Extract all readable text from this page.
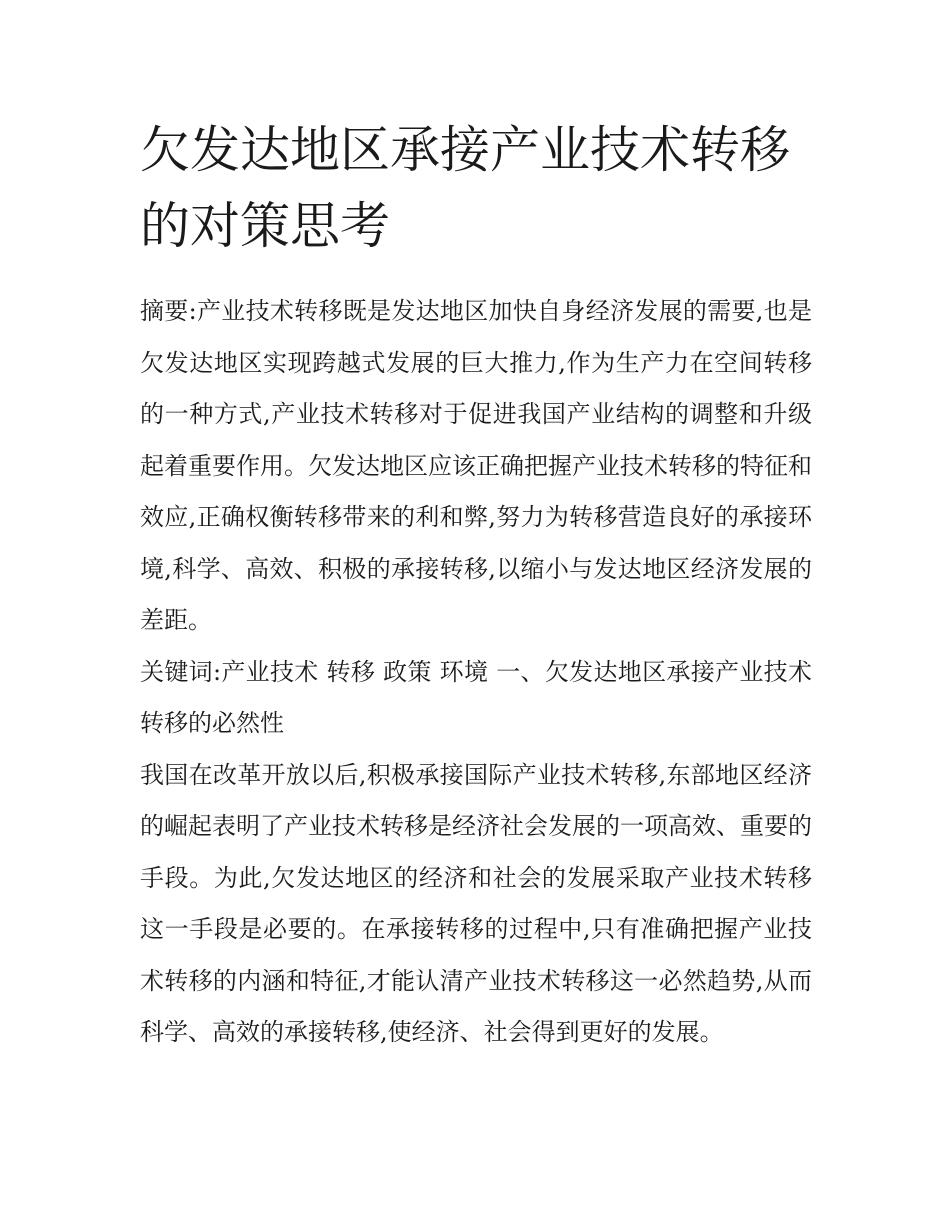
欠发达地区承接产业技术转移的对策思考

摘要:产业技术转移既是发达地区加快自身经济发展的需要,也是欠发达地区实现跨越式发展的巨大推力,作为生产力在空间转移的一种方式,产业技术转移对于促进我国产业结构的调整和升级起着重要作用。欠发达地区应该正确把握产业技术转移的特征和效应,正确权衡转移带来的利和弊,努力为转移营造良好的承接环境,科学、高效、积极的承接转移,以缩小与发达地区经济发展的差距。

关键词:产业技术 转移 政策 环境 一、欠发达地区承接产业技术转移的必然性

我国在改革开放以后,积极承接国际产业技术转移,东部地区经济的崛起表明了产业技术转移是经济社会发展的一项高效、重要的手段。为此,欠发达地区的经济和社会的发展采取产业技术转移这一手段是必要的。在承接转移的过程中,只有准确把握产业技术转移的内涵和特征,才能认清产业技术转移这一必然趋势,从而科学、高效的承接转移,使经济、社会得到更好的发展。
